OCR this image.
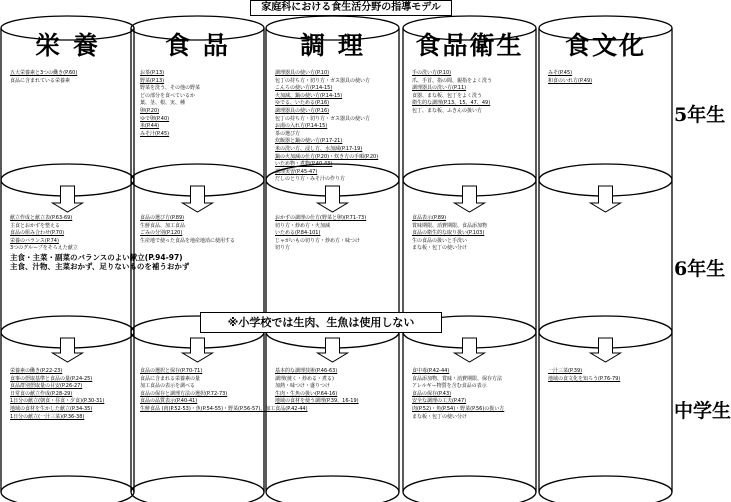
家庭科における食生活分野の指導モデル
栄 養
五大栄養素と3つの働き(P.60)
食品に含まれている栄養素
献立作成と献立表(P.63-69)
主食とおかずを整える
食品の組み合わせ(P.70)
栄養のバランス(P.74)
3つのグループをそろえた献立
主食・主菜・副菜のバランスのよい献立(P.94-97)
主食、汁物、主菜おかず、足りないものを補うおかず
栄養素の働き(P.22-23)
食事の摂取基準と食品の量(P.24-25)
食品群別摂取量の目安(P.26-27)
日常食の献立作成(P.28-29)
1日分の献立(朝食・昼食・夕食)(P.30-31)
地域の食材を生かした献立(P.34-35)
1日分の献立(一汁三菜)(P.36-38)
食 品
お茶(P.13)
野菜(P.13)
野菜を洗う、その他の野菜
どの部分を食べているか
葉、茎、根、実、種
卵(P.20)
ゆで卵(P.40)
米(P.44)
みそ汁(P.45)
食品の選び方(P.89)
生鮮食品、加工食品
ごみの分別(P.120)
生産地で使った食品を地産地消に使用する
食品の選択と保存(P.70-71)
食品に含まれる栄養素の量
加工食品の表示を調べる
食品の保存と調理方法の選択(P.72-73)
食品の品質表示(P.40-41)
生鮮食品 (肉(P.52-53)・魚(P.54-55)・野菜(P.56-57)、加工食品(P.42-44)
調 理
調理器具の使い方(P.10)
包丁の持ち方・切り方・ガス器具の使い方
こんろの使い方(P.14-15)
火加減、鍋の使い方(P.14-15)
ゆでる、いためる(P.16)
調理器具の使い方(P.16)
包丁の持ち方・切り方・ガス器具の使い方
お湯の入れ方(P.14-15)
茶の選び方
炊飯器と鍋の使い方(P.17-21)
米の洗い方、浸し方、水加減(P.17-19)
鍋の火加減の仕方(P.20)・炊き方の手順(P.20)
いため物・煮物(P.40-43)
調理実習(P.45-47)
だしのとり方・みそ汁の作り方
おかずの調理の仕方(野菜と卵)(P.71-73)
切り方・炒め方・火加減
いためる(P.84-101)
じゃがいもの切り方・炒め方・味つけ
切り方
基本的な調理技術(P.46-63)
調理(焼く・炒める・煮る)
加熱・味つけ・盛りつけ
生肉・生魚の扱い(P.64-16)
地域の食材を使う調理(P.39、16-19)
食品衛生
手の洗い方(P.10)
爪、手首、指の間、親指をよく洗う
調理器具の洗い方(P.11)
食器、まな板、包丁をよく洗う
衛生的な調理(P.13、15、47、49)
包丁、まな板、ふきんの扱い方
食品表示(P.89)
賞味期限、消費期限、食品添加物
食品の衛生的な取り扱い(P.103)
生の食品の扱いと手洗い
まな板・包丁の使い分け
食中毒(P.42-44)
食品添加物、賞味・消費期限、保存方法
アレルギー物質を含む食品の表示
食品の保存(P.43)
安全な調理の工夫(P.47)
肉(P.52)・魚(P.54)・野菜(P.56)の扱い方
まな板・包丁の使い分け
食文化
みそ(P.45)
和食のいれ方(P.49)
一汁三菜(P.39)
地域の食文化を知ろう(P.76-79)
5年生
6年生
中学生
※小学校では生肉、生魚は使用しない
